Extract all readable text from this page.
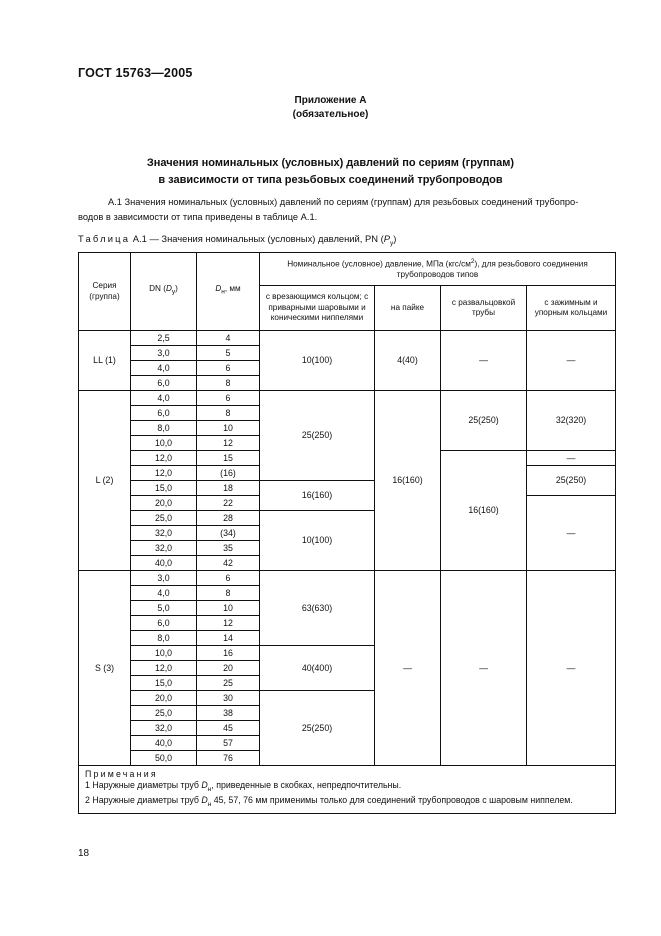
ГОСТ 15763—2005
Приложение А
(обязательное)
Значения номинальных (условных) давлений по сериям (группам)
в зависимости от типа резьбовых соединений трубопроводов
А.1 Значения номинальных (условных) давлений по сериям (группам) для резьбовых соединений трубопро-
водов в зависимости от типа приведены в таблице А.1.
Таблица А.1 — Значения номинальных (условных) давлений, PN $(P_у)$
Серия (группа)	DN $(D_у)$	$D_н$, мм	Номинальное (условное) давление, МПа $(кгс/см^2)$, для резьбового соединения трубопроводов типов			
			с врезающимся кольцом; с приварными шаровыми и коническими ниппелями	на пайке	с развальцовкой трубы	с зажимным и упорным кольцами
LL (1)	2,5	4	10(100)	4(40)	—	—
	3,0	5				
	4,0	6				
	6,0	8				
L (2)	4,0	6	25(250)	16(160)	25(250)	32(320)
	6,0	8				
	8,0	10				
	10,0	12				
	12,0	15			16(160)	—
	12,0	(16)				25(250)
	15,0	18	16(160)			
	20,0	22				—
	25,0	28	10(100)			
	32,0	(34)				
	32,0	35				
	40,0	42				
S (3)	3,0	6	63(630)	—	—	—
	4,0	8				
	5,0	10				
	6,0	12				
	8,0	14				
	10,0	16	40(400)			
	12,0	20				
	15,0	25				
	20,0	30	25(250)			
	25,0	38				
	32,0	45				
	40,0	57				
	50,0	76				

Примечания
1 Наружные диаметры труб $D_н$, приведенные в скобках, непредпочтительны.
2 Наружные диаметры труб $D_н$ 45, 57, 76 мм применимы только для соединений трубопроводов с шаровым ниппелем.						
18
